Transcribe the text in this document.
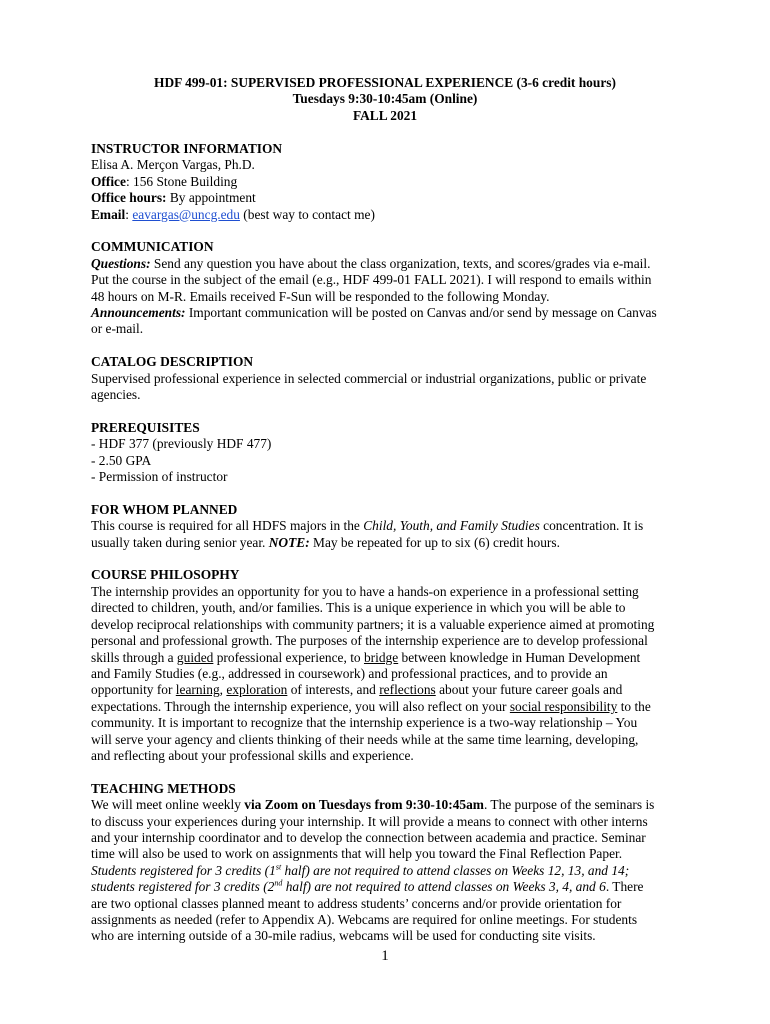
HDF 499-01: SUPERVISED PROFESSIONAL EXPERIENCE (3-6 credit hours)
Tuesdays 9:30-10:45am (Online)
FALL 2021
INSTRUCTOR INFORMATION
Elisa A. Merçon Vargas, Ph.D.
Office: 156 Stone Building
Office hours: By appointment
Email: eavargas@uncg.edu (best way to contact me)
COMMUNICATION
Questions: Send any question you have about the class organization, texts, and scores/grades via e-mail.
Put the course in the subject of the email (e.g., HDF 499-01 FALL 2021). I will respond to emails within
48 hours on M-R. Emails received F-Sun will be responded to the following Monday.
Announcements: Important communication will be posted on Canvas and/or send by message on Canvas
or e-mail.
CATALOG DESCRIPTION
Supervised professional experience in selected commercial or industrial organizations, public or private
agencies.
PREREQUISITES
- HDF 377 (previously HDF 477)
- 2.50 GPA
- Permission of instructor
FOR WHOM PLANNED
This course is required for all HDFS majors in the Child, Youth, and Family Studies concentration. It is
usually taken during senior year. NOTE: May be repeated for up to six (6) credit hours.
COURSE PHILOSOPHY
The internship provides an opportunity for you to have a hands-on experience in a professional setting
directed to children, youth, and/or families. This is a unique experience in which you will be able to
develop reciprocal relationships with community partners; it is a valuable experience aimed at promoting
personal and professional growth. The purposes of the internship experience are to develop professional
skills through a guided professional experience, to bridge between knowledge in Human Development
and Family Studies (e.g., addressed in coursework) and professional practices, and to provide an
opportunity for learning, exploration of interests, and reflections about your future career goals and
expectations. Through the internship experience, you will also reflect on your social responsibility to the
community. It is important to recognize that the internship experience is a two-way relationship – You
will serve your agency and clients thinking of their needs while at the same time learning, developing,
and reflecting about your professional skills and experience.
TEACHING METHODS
We will meet online weekly via Zoom on Tuesdays from 9:30-10:45am. The purpose of the seminars is
to discuss your experiences during your internship. It will provide a means to connect with other interns
and your internship coordinator and to develop the connection between academia and practice. Seminar
time will also be used to work on assignments that will help you toward the Final Reflection Paper.
Students registered for 3 credits (1st half) are not required to attend classes on Weeks 12, 13, and 14;
students registered for 3 credits (2nd half) are not required to attend classes on Weeks 3, 4, and 6. There
are two optional classes planned meant to address students’ concerns and/or provide orientation for
assignments as needed (refer to Appendix A). Webcams are required for online meetings. For students
who are interning outside of a 30-mile radius, webcams will be used for conducting site visits.
1
